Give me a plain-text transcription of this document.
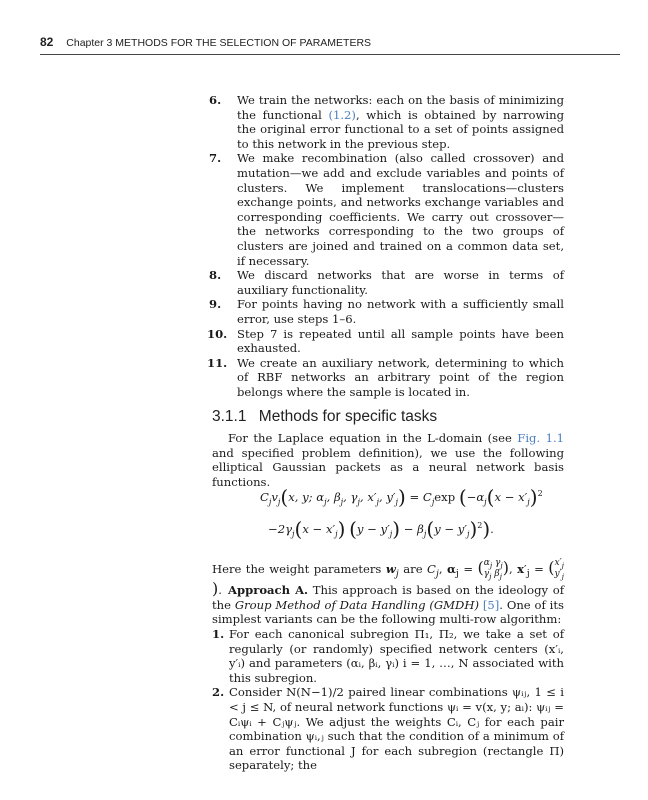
82 Chapter 3 METHODS FOR THE SELECTION OF PARAMETERS
6.	We train the networks: each on the basis of minimizing the functional (1.2), which is obtained by narrowing the original error functional to a set of points assigned to this network in the previous step.
7.	We make recombination (also called crossover) and mutation—we add and exclude variables and points of clusters. We implement translocations—clusters exchange points, and networks exchange variables and corresponding coefficients. We carry out crossover—the networks corresponding to the two groups of clusters are joined and trained on a common data set, if necessary.
8.	We discard networks that are worse in terms of auxiliary functionality.
9.	For points having no network with a sufficiently small error, use steps 1–6.
10. Step 7 is repeated until all sample points have been exhausted.
11. We create an auxiliary network, determining to which of RBF networks an arbitrary point of the region belongs where the sample is located in.
3.1.1 Methods for specific tasks
For the Laplace equation in the L-domain (see Fig. 1.1 and specified problem definition), we use the following elliptical Gaussian packets as a neural network basis functions.
$C_jv_j(x$, y; $\alpha_j$, $\beta_j$, $\gamma_j$, $x'_j$, $y'_j) = C_j\exp$ ($-\alpha_j(x - x'_j)^2$
$-2\gamma_j(x - x'_j) (y - y'_j) - \beta_j(y - y'_j)^2$).
Here the weight parameters $w_j$ are $C_j$, $\alpha_j = (\alpha_j$ $\gamma_j$
$\gamma_j$ $\beta_j$), $x'_j = (x'_j$
$y'_j$). Approach A. This approach is based on the ideology of the Group Method of Data Handling (GMDH) [5]. One of its simplest variants can be the following multi-row algorithm:
1. For each canonical subregion Π₁, Π₂, we take a set of regularly (or randomly) specified network centers (x′ᵢ, y′ᵢ) and parameters (αᵢ, βᵢ, γᵢ) i = 1, …, N associated with this subregion.
2. Consider N(N−1)/2 paired linear combinations ψᵢⱼ, 1 ≤ i < j ≤ N, of neural network functions ψᵢ = v(x, y; aᵢ): ψᵢⱼ = Cᵢψᵢ + Cⱼψⱼ. We adjust the weights Cᵢ, Cⱼ for each pair combination ψᵢ,ⱼ such that the condition of a minimum of an error functional J for each subregion (rectangle Π) separately; the
